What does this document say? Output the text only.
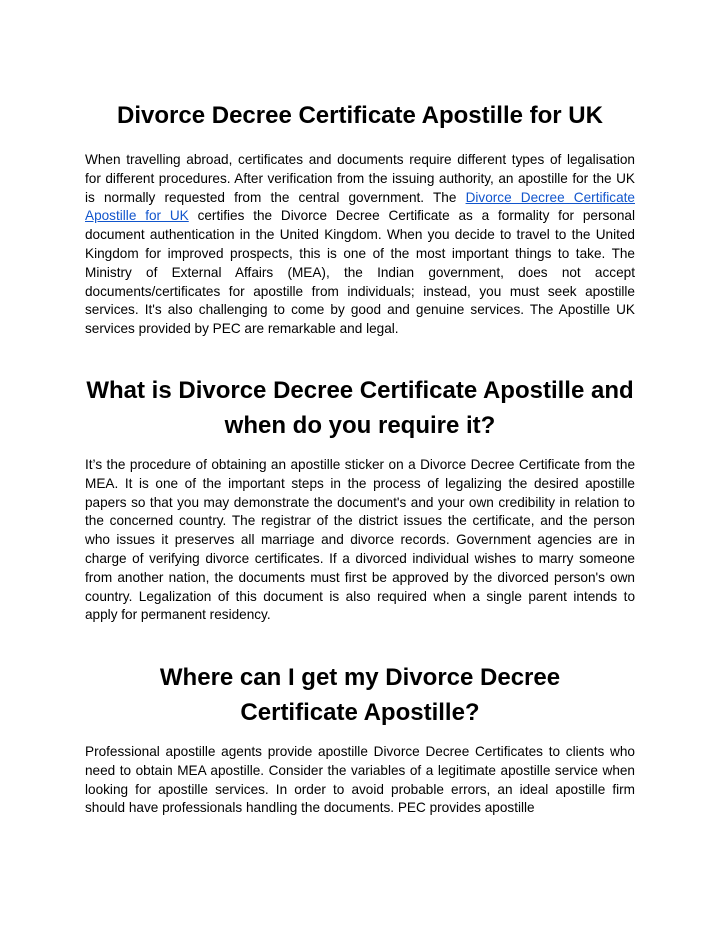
Divorce Decree Certificate Apostille for UK

When travelling abroad, certificates and documents require different types of legalisation for different procedures. After verification from the issuing authority, an apostille for the UK is normally requested from the central government. The Divorce Decree Certificate Apostille for UK certifies the Divorce Decree Certificate as a formality for personal document authentication in the United Kingdom. When you decide to travel to the United Kingdom for improved prospects, this is one of the most important things to take. The Ministry of External Affairs (MEA), the Indian government, does not accept documents/certificates for apostille from individuals; instead, you must seek apostille services. It's also challenging to come by good and genuine services. The Apostille UK services provided by PEC are remarkable and legal.

What is Divorce Decree Certificate Apostille and when do you require it?

It’s the procedure of obtaining an apostille sticker on a Divorce Decree Certificate from the MEA. It is one of the important steps in the process of legalizing the desired apostille papers so that you may demonstrate the document's and your own credibility in relation to the concerned country. The registrar of the district issues the certificate, and the person who issues it preserves all marriage and divorce records. Government agencies are in charge of verifying divorce certificates. If a divorced individual wishes to marry someone from another nation, the documents must first be approved by the divorced person's own country. Legalization of this document is also required when a single parent intends to apply for permanent residency.

Where can I get my Divorce Decree Certificate Apostille?

Professional apostille agents provide apostille Divorce Decree Certificates to clients who need to obtain MEA apostille. Consider the variables of a legitimate apostille service when looking for apostille services. In order to avoid probable errors, an ideal apostille firm should have professionals handling the documents. PEC provides apostille
